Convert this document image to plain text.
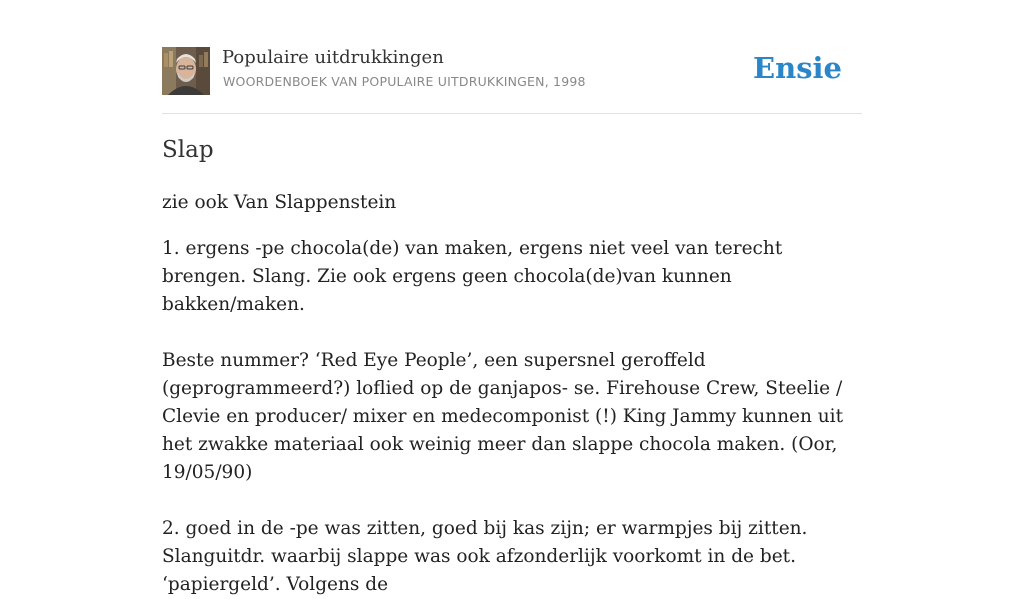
Populaire uitdrukkingen
WOORDENBOEK VAN POPULAIRE UITDRUKKINGEN, 1998	Ensie
Slap

zie ook Van Slappenstein

1. ergens -pe chocola(de) van maken, ergens niet veel van terecht brengen. Slang. Zie ook ergens geen chocola(de)van kunnen bakken/maken.

Beste nummer? ‘Red Eye People’, een supersnel geroffeld (geprogrammeerd?) loflied op de ganjapos- se. Firehouse Crew, Steelie / Clevie en producer/ mixer en medecomponist (!) King Jammy kunnen uit het zwakke materiaal ook weinig meer dan slappe chocola maken. (Oor, 19/05/90)

2. goed in de -pe was zitten, goed bij kas zijn; er warmpjes bij zitten. Slanguitdr. waarbij slappe was ook afzonderlijk voorkomt in de bet. ‘papiergeld’. Volgens de
